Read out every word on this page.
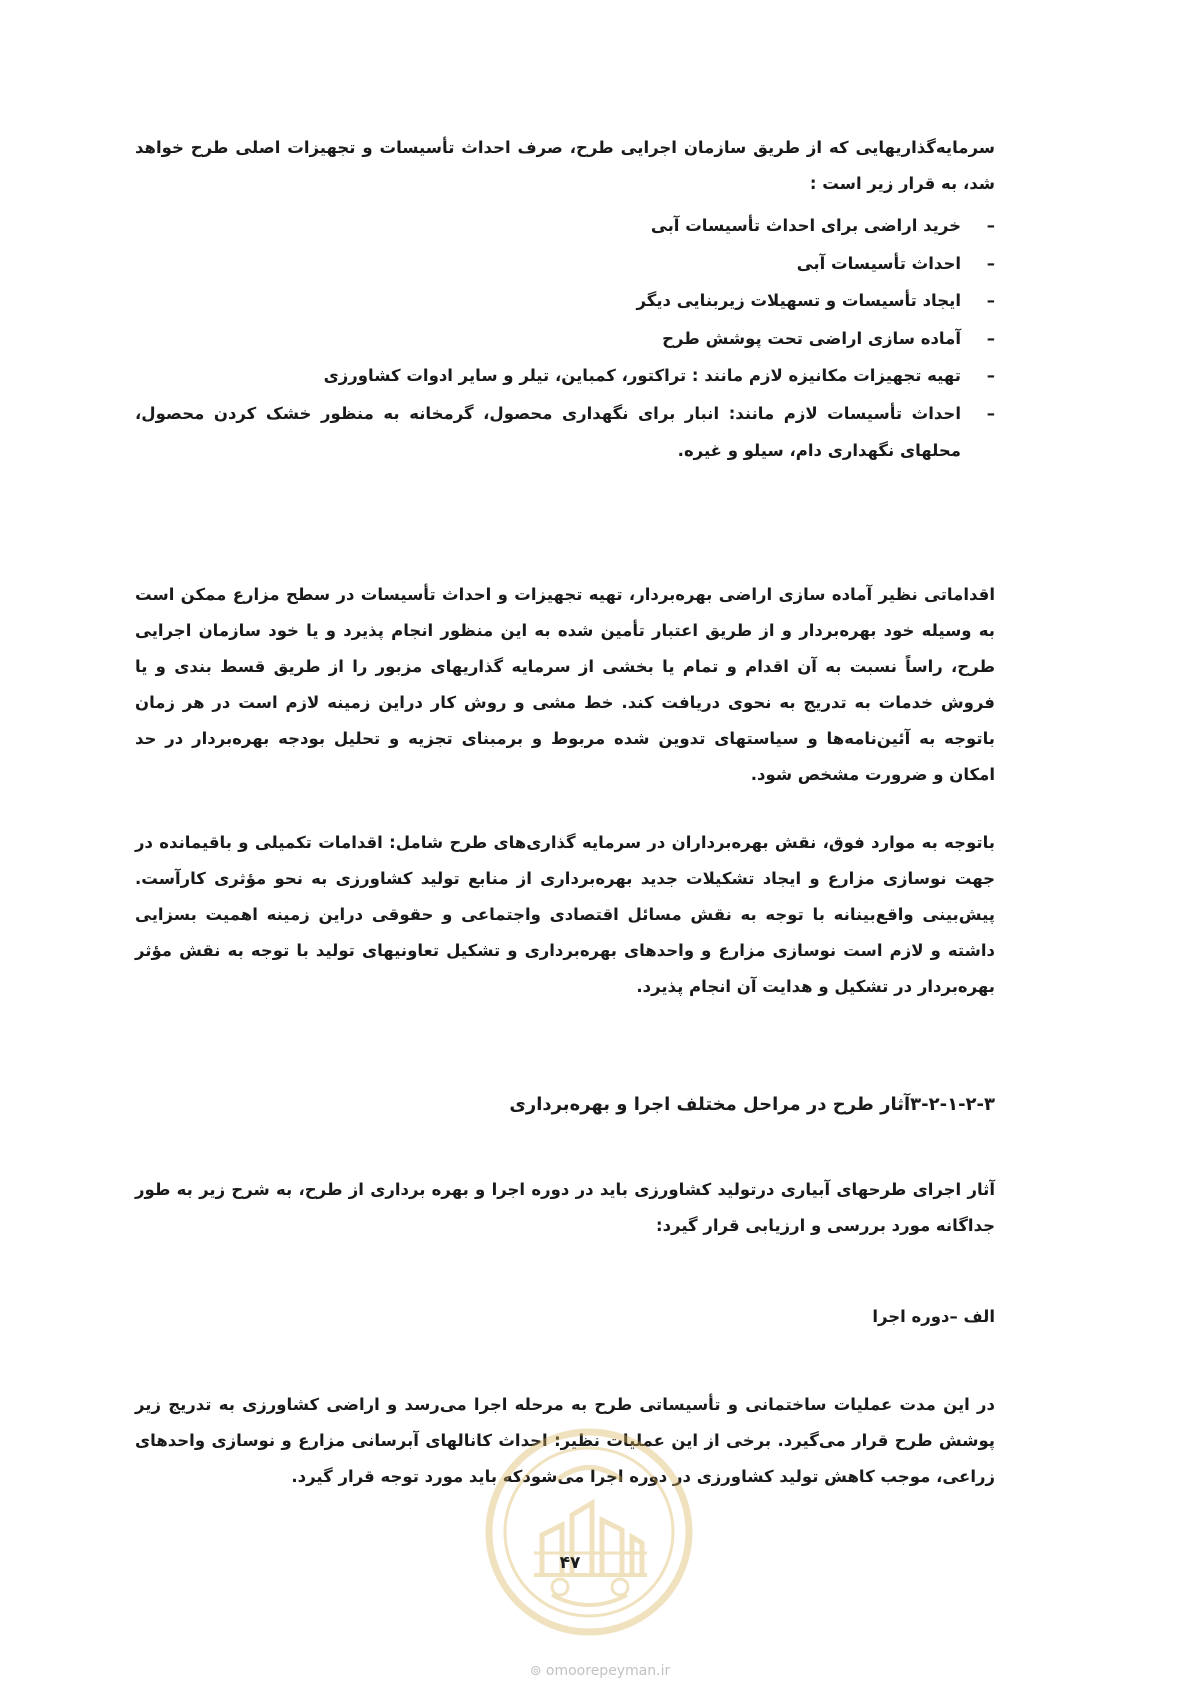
سرمایه‌گذاریهایی که از طریق سازمان اجرایی طرح، صرف احداث تأسیسات و تجهیزات اصلی طرح خواهد شد، به قرار زیر است :

–
خرید اراضی برای احداث تأسیسات آبی
–
احداث تأسیسات آبی
–
ایجاد تأسیسات و تسهیلات زیربنایی دیگر
–
آماده سازی اراضی تحت پوشش طرح
–
تهیه تجهیزات مکانیزه لازم مانند : تراکتور، کمباین، تیلر و سایر ادوات کشاورزی
–
احداث تأسیسات لازم مانند: انبار برای نگهداری محصول، گرمخانه به منظور خشک کردن محصول، محلهای نگهداری دام، سیلو و غیره.

اقداماتی نظیر آماده سازی اراضی بهره‌بردار، تهیه تجهیزات و احداث تأسیسات در سطح مزارع ممکن است به وسیله خود بهره‌بردار و از طریق اعتبار تأمین شده به این منظور انجام پذیرد و یا خود سازمان اجرایی طرح، راساً نسبت به آن اقدام و تمام یا بخشی از سرمایه گذاریهای مزبور را از طریق قسط بندی و یا فروش خدمات به تدریج به نحوی دریافت کند. خط مشی و روش کار دراین زمینه لازم است در هر زمان باتوجه به آئین‌نامه‌ها و سیاستهای تدوین شده مربوط و برمبنای تجزیه و تحلیل بودجه بهره‌بردار در حد امکان و ضرورت مشخص شود.

باتوجه به موارد فوق، نقش بهره‌برداران در سرمایه گذاری‌های طرح شامل: اقدامات تکمیلی و باقیمانده در جهت نوسازی مزارع و ایجاد تشکیلات جدید بهره‌برداری از منابع تولید کشاورزی به نحو مؤثری کارآست. پیش‌بینی واقع‌بینانه با توجه به نقش مسائل اقتصادی واجتماعی و حقوقی دراین زمینه اهمیت بسزایی داشته و لازم است نوسازی مزارع و واحدهای بهره‌برداری و تشکیل تعاونیهای تولید با توجه به نقش مؤثر بهره‌بردار در تشکیل و هدایت آن انجام پذیرد.

۳-۲-۱-۲-۳آثار طرح در مراحل مختلف اجرا و بهره‌برداری

آثار اجرای طرحهای آبیاری درتولید کشاورزی باید در دوره اجرا و بهره برداری از طرح، به شرح زیر به طور جداگانه مورد بررسی و ارزیابی قرار گیرد:

الف –دوره اجرا

در این مدت عملیات ساختمانی و تأسیساتی طرح به مرحله اجرا می‌رسد و اراضی کشاورزی به تدریج زیر پوشش طرح قرار می‌گیرد. برخی از این عملیات نظیر: احداث کانالهای آبرسانی مزارع و نوسازی واحدهای زراعی، موجب کاهش تولید کشاورزی در دوره اجرا می‌شودکه باید مورد توجه قرار گیرد.

۴۷
⊚ omoorepeyman.ir
